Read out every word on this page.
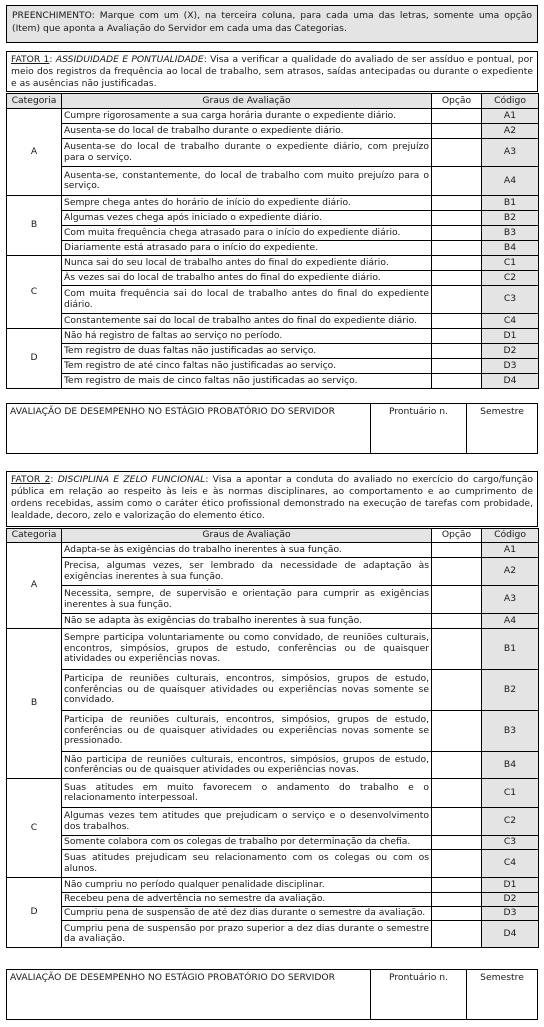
PREENCHIMENTO: Marque com um (X), na terceira coluna, para cada uma das letras, somente uma opção (Item) que aponta a Avaliação do Servidor em cada uma das Categorias.
FATOR 1: ASSIDUIDADE E PONTUALIDADE: Visa a verificar a qualidade do avaliado de ser assíduo e pontual, por meio dos registros da frequência ao local de trabalho, sem atrasos, saídas antecipadas ou durante o expediente e as ausências não justificadas.
Categoria	Graus de Avaliação	Opção	Código
A	Cumpre rigorosamente a sua carga horária durante o expediente diário.		A1
	Ausenta-se do local de trabalho durante o expediente diário.		A2
	Ausenta-se do local de trabalho durante o expediente diário, com prejuízo para o serviço.		A3
	Ausenta-se, constantemente, do local de trabalho com muito prejuízo para o serviço.		A4
B	Sempre chega antes do horário de início do expediente diário.		B1
	Algumas vezes chega após iniciado o expediente diário.		B2
	Com muita frequência chega atrasado para o início do expediente diário.		B3
	Diariamente está atrasado para o início do expediente.		B4
C	Nunca sai do seu local de trabalho antes do final do expediente diário.		C1
	Às vezes sai do local de trabalho antes do final do expediente diário.		C2
	Com muita frequência sai do local de trabalho antes do final do expediente diário.		C3
	Constantemente sai do local de trabalho antes do final do expediente diário.		C4
D	Não há registro de faltas ao serviço no período.		D1
	Tem registro de duas faltas não justificadas ao serviço.		D2
	Tem registro de até cinco faltas não justificadas ao serviço.		D3
	Tem registro de mais de cinco faltas não justificadas ao serviço.		D4
AVALIAÇÃO DE DESEMPENHO NO ESTÁGIO PROBATÓRIO DO SERVIDOR	Prontuário n.	Semestre
FATOR 2: DISCIPLINA E ZELO FUNCIONAL: Visa a apontar a conduta do avaliado no exercício do cargo/função pública em relação ao respeito às leis e às normas disciplinares, ao comportamento e ao cumprimento de ordens recebidas, assim como o caráter ético profissional demonstrado na execução de tarefas com probidade, lealdade, decoro, zelo e valorização do elemento ético.
Categoria	Graus de Avaliação	Opção	Código
A	Adapta-se às exigências do trabalho inerentes à sua função.		A1
	Precisa, algumas vezes, ser lembrado da necessidade de adaptação às exigências inerentes à sua função.		A2
	Necessita, sempre, de supervisão e orientação para cumprir as exigências inerentes à sua função.		A3
	Não se adapta às exigências do trabalho inerentes à sua função.		A4
B	Sempre participa voluntariamente ou como convidado, de reuniões culturais, encontros, simpósios, grupos de estudo, conferências ou de quaisquer atividades ou experiências novas.		B1
	Participa de reuniões culturais, encontros, simpósios, grupos de estudo, conferências ou de quaisquer atividades ou experiências novas somente se convidado.		B2
	Participa de reuniões culturais, encontros, simpósios, grupos de estudo, conferências ou de quaisquer atividades ou experiências novas somente se pressionado.		B3
	Não participa de reuniões culturais, encontros, simpósios, grupos de estudo, conferências ou de quaisquer atividades ou experiências novas.		B4
C	Suas atitudes em muito favorecem o andamento do trabalho e o relacionamento interpessoal.		C1
	Algumas vezes tem atitudes que prejudicam o serviço e o desenvolvimento dos trabalhos.		C2
	Somente colabora com os colegas de trabalho por determinação da chefia.		C3
	Suas atitudes prejudicam seu relacionamento com os colegas ou com os alunos.		C4
D	Não cumpriu no período qualquer penalidade disciplinar.		D1
	Recebeu pena de advertência no semestre da avaliação.		D2
	Cumpriu pena de suspensão de até dez dias durante o semestre da avaliação.		D3
	Cumpriu pena de suspensão por prazo superior a dez dias durante o semestre da avaliação.		D4
AVALIAÇÃO DE DESEMPENHO NO ESTÁGIO PROBATÓRIO DO SERVIDOR	Prontuário n.	Semestre
